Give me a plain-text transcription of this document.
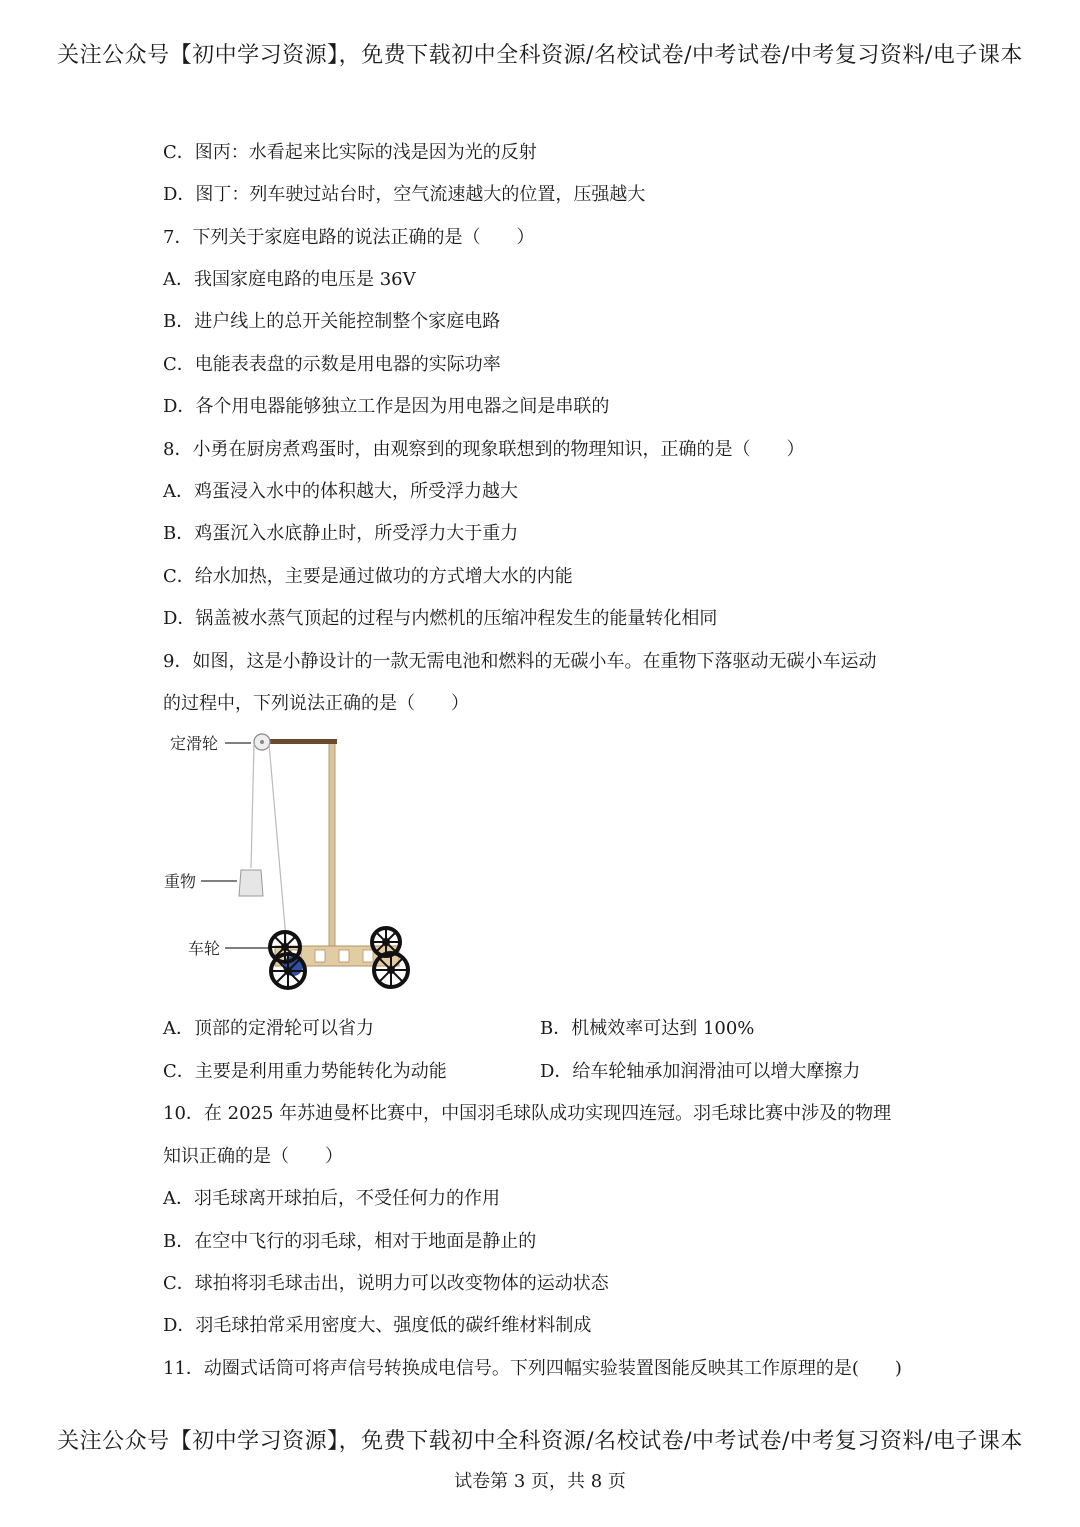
关注公众号【初中学习资源】，免费下载初中全科资源/名校试卷/中考试卷/中考复习资料/电子课本
C．图丙：水看起来比实际的浅是因为光的反射
D．图丁：列车驶过站台时，空气流速越大的位置，压强越大
7．下列关于家庭电路的说法正确的是（　　）
A．我国家庭电路的电压是 36V
B．进户线上的总开关能控制整个家庭电路
C．电能表表盘的示数是用电器的实际功率
D．各个用电器能够独立工作是因为用电器之间是串联的
8．小勇在厨房煮鸡蛋时，由观察到的现象联想到的物理知识，正确的是（　　）
A．鸡蛋浸入水中的体积越大，所受浮力越大
B．鸡蛋沉入水底静止时，所受浮力大于重力
C．给水加热，主要是通过做功的方式增大水的内能
D．锅盖被水蒸气顶起的过程与内燃机的压缩冲程发生的能量转化相同
9．如图，这是小静设计的一款无需电池和燃料的无碳小车。在重物下落驱动无碳小车运动
的过程中，下列说法正确的是（　　）
定滑轮
重物
车轮
A．顶部的定滑轮可以省力	B．机械效率可达到 100%
C．主要是利用重力势能转化为动能	D．给车轮轴承加润滑油可以增大摩擦力
10．在 2025 年苏迪曼杯比赛中，中国羽毛球队成功实现四连冠。羽毛球比赛中涉及的物理
知识正确的是（　　）
A．羽毛球离开球拍后，不受任何力的作用
B．在空中飞行的羽毛球，相对于地面是静止的
C．球拍将羽毛球击出，说明力可以改变物体的运动状态
D．羽毛球拍常采用密度大、强度低的碳纤维材料制成
11．动圈式话筒可将声信号转换成电信号。下列四幅实验装置图能反映其工作原理的是(　　)
关注公众号【初中学习资源】，免费下载初中全科资源/名校试卷/中考试卷/中考复习资料/电子课本
试卷第 3 页，共 8 页
